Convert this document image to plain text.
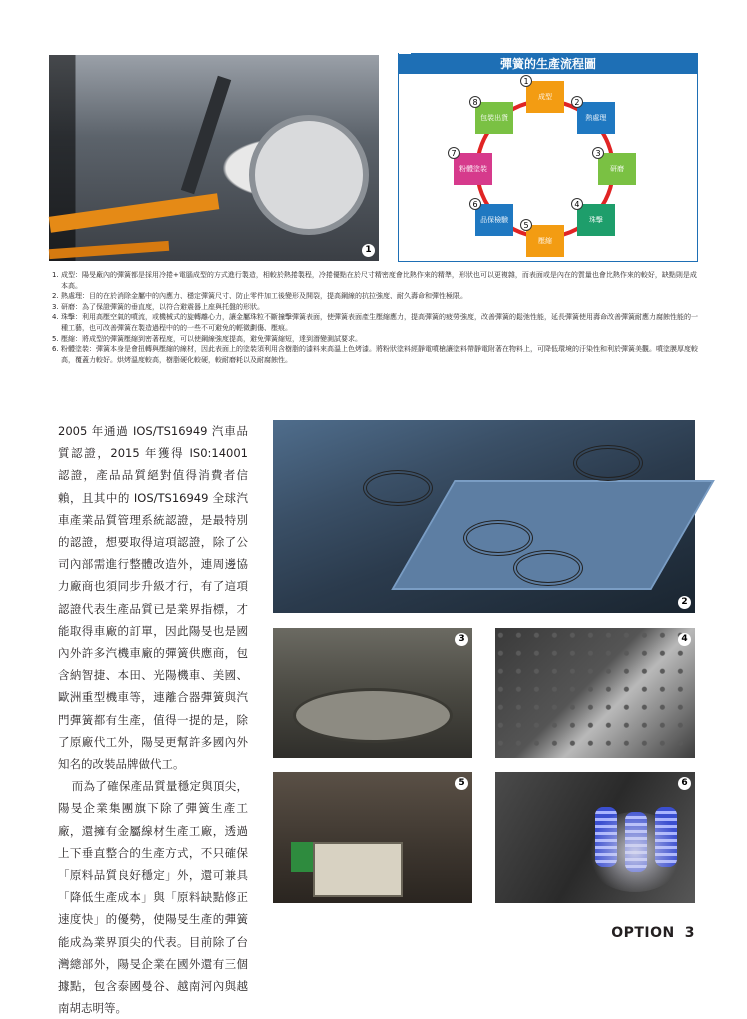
1
彈簧的生產流程圖
成型
1
熱處理
2
研磨
3
珠擊
4
壓縮
5
品保檢驗
6
粉體塗裝
7
包裝出貨
8
1. 成型：陽旻廠內的彈簧都是採用冷捲+電腦成型的方式進行製造，相較於熱捲製程，冷捲優點在於尺寸精密度會比熱作來的精準，形狀也可以更複雜，而表面或是內在的質量也會比熱作來的較好，缺點則是成本高。
2. 熱處理：目的在於消除金屬中的內應力、穩定彈簧尺寸、防止零件加工後變形及開裂，提高鋼線的抗拉強度、耐久壽命和彈性極限。
3. 研磨：為了保證彈簧的垂直度，以符合避震器上座與托盤的形狀。
4. 珠擊：利用高壓空氣的噴流，或機械式的旋轉離心力，讓金屬珠粒不斷撞擊彈簧表面，使彈簧表面產生壓縮應力，提高彈簧的疲勞強度，改善彈簧的鬆弛性能，延長彈簧使用壽命改善彈簧耐應力腐蝕性能的一種工藝，也可改善彈簧在製造過程中的的一些不可避免的輕微劃傷、壓痕。
5. 壓縮：將成型的彈簧壓縮到密著程度，可以使鋼線強度提高，避免彈簧縮短，達到潛變測試要求。
6. 粉體塗裝：彈簧本身是會扭轉與壓縮的線材，因此表面上的塗裝須利用含樹脂的漆料來高溫上色烤漆。將粉狀塗料經靜電噴槍讓塗料帶靜電附著在物料上，可降低環境的汙染性和利於彈簧美觀。噴塗膜厚度較高，覆蓋力較好。烘烤溫度較高，樹脂硬化較硬，較耐磨耗以及耐腐蝕性。

2005 年通過 IOS/TS16949 汽車品質認證，2015 年獲得 IS0:14001 認證，產品品質絕對值得消費者信賴，且其中的 IOS/TS16949 全球汽車產業品質管理系統認證，是最特別的認證，想要取得這項認證，除了公司內部需進行整體改造外，連周邊協力廠商也須同步升級才行，有了這項認證代表生產品質已是業界指標，才能取得車廠的訂單，因此陽旻也是國內外許多汽機車廠的彈簧供應商，包含納智捷、本田、光陽機車、美國、歐洲重型機車等，連離合器彈簧與汽門彈簧都有生產，值得一提的是，除了原廠代工外，陽旻更幫許多國內外知名的改裝品牌做代工。

而為了確保產品質量穩定與頂尖，陽旻企業集團旗下除了彈簧生產工廠，還擁有金屬線材生產工廠，透過上下垂直整合的生產方式，不只確保「原料品質良好穩定」外，還可兼具「降低生產成本」與「原料缺點修正速度快」的優勢，使陽旻生產的彈簧能成為業界頂尖的代表。目前除了台灣總部外，陽旻企業在國外還有三個據點，包含泰國曼谷、越南河內與越南胡志明等。

2
3	4
5	6
OPTION 3
